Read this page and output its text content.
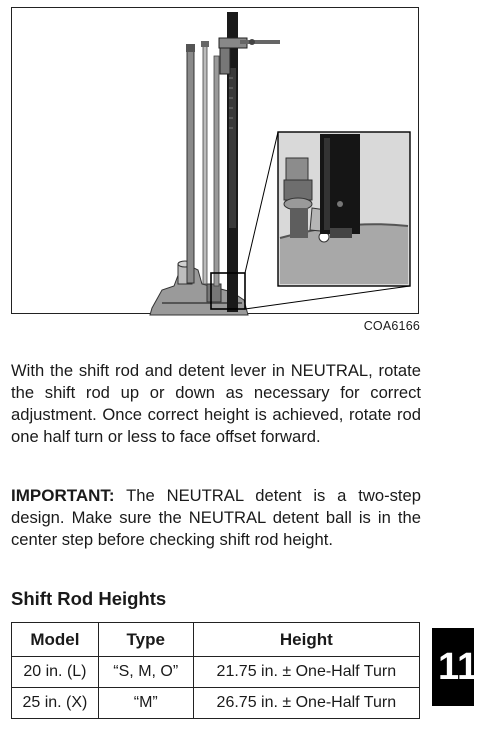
COA6166

With the shift rod and detent lever in NEUTRAL, rotate the shift rod up or down as necessary for correct adjustment. Once correct height is achieved, rotate rod one half turn or less to face offset forward.

IMPORTANT: The NEUTRAL detent is a two-step design. Make sure the NEUTRAL detent ball is in the center step before checking shift rod height.

Shift Rod Heights
Model	Type	Height
20 in. (L)	“S, M, O”	21.75 in. ± One-Half Turn
25 in. (X)	“M”	26.75 in. ± One-Half Turn
11
